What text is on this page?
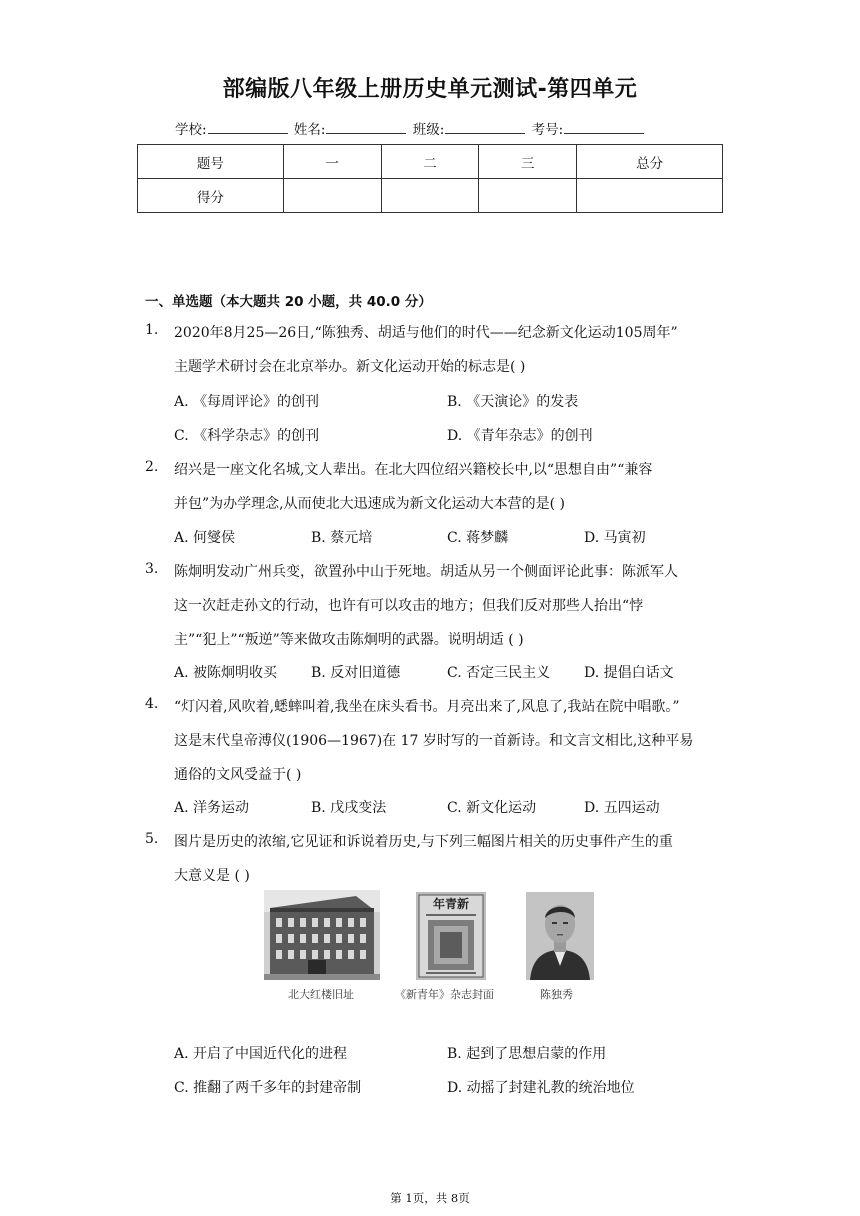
部编版八年级上册历史单元测试-第四单元
学校:	姓名:	班级:	考号:
题号	一	二	三	总分
得分				
一、单选题（本大题共 20 小题，共 40.0 分）
1. 2020年8月25—26日,“陈独秀、胡适与他们的时代——纪念新文化运动105周年”
主题学术研讨会在北京举办。新文化运动开始的标志是( )
A. 《每周评论》的创刊	B. 《天演论》的发表
C. 《科学杂志》的创刊	D. 《青年杂志》的创刊
2. 绍兴是一座文化名城,文人辈出。在北大四位绍兴籍校长中,以“思想自由”“兼容
并包”为办学理念,从而使北大迅速成为新文化运动大本营的是( )
A. 何燮侯	B. 蔡元培	C. 蒋梦麟	D. 马寅初
3. 陈炯明发动广州兵变，欲置孙中山于死地。胡适从另一个侧面评论此事：陈派军人
这一次赶走孙文的行动，也许有可以攻击的地方；但我们反对那些人抬出“悖
主”“犯上”“叛逆”等来做攻击陈炯明的武器。说明胡适 ( )
A. 被陈炯明收买 B. 反对旧道德	C. 否定三民主义 D. 提倡白话文
4. “灯闪着,风吹着,蟋蟀叫着,我坐在床头看书。月亮出来了,风息了,我站在院中唱歌。”
这是末代皇帝溥仪(1906—1967)在 17 岁时写的一首新诗。和文言文相比,这种平易
通俗的文风受益于( )
A. 洋务运动	B. 戊戌变法	C. 新文化运动	D. 五四运动
5. 图片是历史的浓缩,它见证和诉说着历史,与下列三幅图片相关的历史事件产生的重
大意义是 ( )
北大红楼旧址
年青新
《新青年》杂志封面	陈独秀
A. 开启了中国近代化的进程	B. 起到了思想启蒙的作用
C. 推翻了两千多年的封建帝制	D. 动摇了封建礼教的统治地位
第 1页，共 8页
